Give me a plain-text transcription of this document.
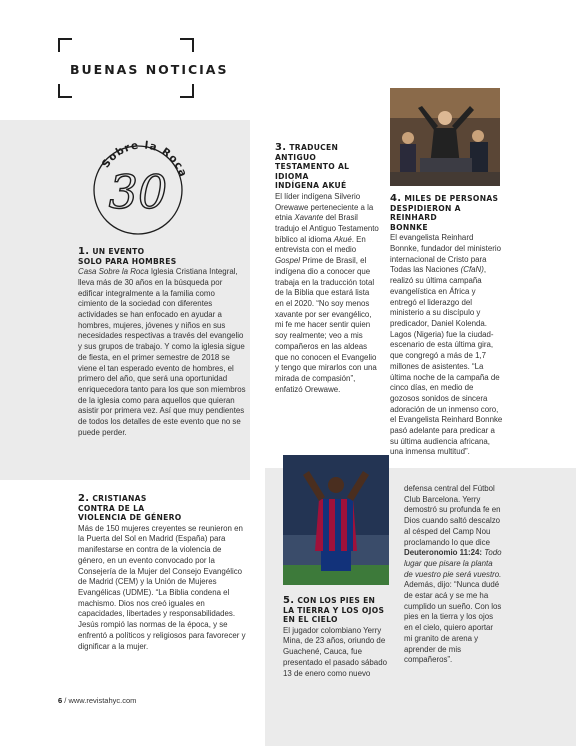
BUENAS NOTICIAS
Sobre la Roca
30
1. UN EVENTO
SOLO PARA HOMBRES
Casa Sobre la Roca Iglesia Cristiana Integral, lleva más de 30 años en la búsqueda por edificar integralmente a la familia como cimiento de la sociedad con diferentes actividades se han enfocado en ayudar a hombres, mujeres, jóvenes y niños en sus necesidades respectivas a través del evangelio y sus grupos de trabajo. Y como la iglesia sigue de fiesta, en el primer semestre de 2018 se viene el tan esperado evento de hombres, el primero del año, que será una oportunidad enriquecedora tanto para los que son miembros de la iglesia como para aquellos que quieran asistir por primera vez. Así que muy pendientes de todos los detalles de este evento que no se puede perder.
2. CRISTIANAS
CONTRA DE LA
VIOLENCIA DE GÉNERO
Más de 150 mujeres creyentes se reunieron en la Puerta del Sol en Madrid (España) para manifestarse en contra de la violencia de género, en un evento convocado por la Consejería de la Mujer del Consejo Evangélico de Madrid (CEM) y la Unión de Mujeres Evangélicas (UDME). “La Biblia condena el machismo. Dios nos creó iguales en capacidades, libertades y responsabilidades. Jesús rompió las normas de la época, y se enfrentó a políticos y religiosos para favorecer y dignificar a la mujer.
3. TRADUCEN ANTIGUO
TESTAMENTO AL IDIOMA
INDÍGENA AKUÉ
El líder indígena Silverio Orewawe perteneciente a la etnia Xavante del Brasil tradujo el Antiguo Testamento bíblico al idioma Akué. En entrevista con el medio Gospel Prime de Brasil, el indígena dio a conocer que trabaja en la traducción total de la Biblia que estará lista en el 2020. “No soy menos xavante por ser evangélico, mi fe me hacer sentir quien soy realmente; veo a mis compañeros en las aldeas que no conocen el Evangelio y tengo que mirarlos con una mirada de compasión”, enfatizó Orewawe.
4. MILES DE PERSONAS
DESPIDIERON A REINHARD
BONNKE
El evangelista Reinhard Bonnke, fundador del ministerio internacional de Cristo para Todas las Naciones (CfaN), realizó su última campaña evangelística en África y entregó el liderazgo del ministerio a su discípulo y predicador, Daniel Kolenda. Lagos (Nigeria) fue la ciudad-escenario de esta última gira, que congregó a más de 1,7 millones de asistentes. “La última noche de la campaña de cinco días, en medio de gozosos sonidos de sincera adoración de un inmenso coro, el Evangelista Reinhard Bonnke pasó adelante para predicar a su última audiencia africana, una inmensa multitud”.
5. CON LOS PIES EN
LA TIERRA Y LOS OJOS
EN EL CIELO
El jugador colombiano Yerry Mina, de 23 años, oriundo de Guachené, Cauca, fue presentado el pasado sábado 13 de enero como nuevo
defensa central del Fútbol Club Barcelona. Yerry demostró su profunda fe en Dios cuando saltó descalzo al césped del Camp Nou proclamando lo que dice Deuteronomio 11:24: Todo lugar que pisare la planta de vuestro pie será vuestro. Además, dijo: “Nunca dudé de estar acá y se me ha cumplido un sueño. Con los pies en la tierra y los ojos en el cielo, quiero aportar mi granito de arena y aprender de mis compañeros”.
6 / www.revistahyc.com
